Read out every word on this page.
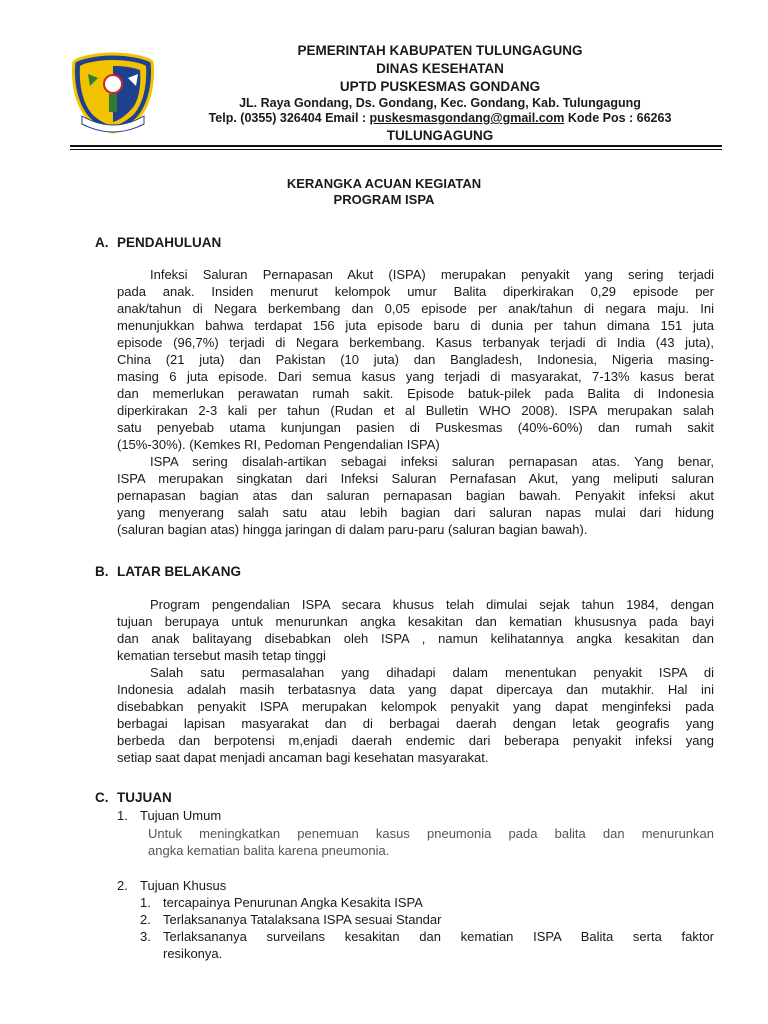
PEMERINTAH KABUPATEN TULUNGAGUNG
DINAS KESEHATAN
UPTD PUSKESMAS GONDANG
JL. Raya Gondang, Ds. Gondang, Kec. Gondang, Kab. Tulungagung
Telp. (0355) 326404 Email : puskesmasgondang@gmail.com Kode Pos : 66263
TULUNGAGUNG
KERANGKA ACUAN KEGIATAN
PROGRAM ISPA
A. PENDAHULUAN
Infeksi Saluran Pernapasan Akut (ISPA) merupakan penyakit yang sering terjadi
pada anak. Insiden menurut kelompok umur Balita diperkirakan 0,29 episode per
anak/tahun di Negara berkembang dan 0,05 episode per anak/tahun di negara maju. Ini
menunjukkan bahwa terdapat 156 juta episode baru di dunia per tahun dimana 151 juta
episode (96,7%) terjadi di Negara berkembang. Kasus terbanyak terjadi di India (43 juta),
China (21 juta) dan Pakistan (10 juta) dan Bangladesh, Indonesia, Nigeria masing-
masing 6 juta episode. Dari semua kasus yang terjadi di masyarakat, 7-13% kasus berat
dan memerlukan perawatan rumah sakit. Episode batuk-pilek pada Balita di Indonesia
diperkirakan 2-3 kali per tahun (Rudan et al Bulletin WHO 2008). ISPA merupakan salah
satu penyebab utama kunjungan pasien di Puskesmas (40%-60%) dan rumah sakit
(15%-30%). (Kemkes RI, Pedoman Pengendalian ISPA)
ISPA sering disalah-artikan sebagai infeksi saluran pernapasan atas. Yang benar,
ISPA merupakan singkatan dari Infeksi Saluran Pernafasan Akut, yang meliputi saluran
pernapasan bagian atas dan saluran pernapasan bagian bawah. Penyakit infeksi akut
yang menyerang salah satu atau lebih bagian dari saluran napas mulai dari hidung
(saluran bagian atas) hingga jaringan di dalam paru-paru (saluran bagian bawah).
B. LATAR BELAKANG
Program pengendalian ISPA secara khusus telah dimulai sejak tahun 1984, dengan
tujuan berupaya untuk menurunkan angka kesakitan dan kematian khususnya pada bayi
dan anak balitayang disebabkan oleh ISPA , namun kelihatannya angka kesakitan dan
kematian tersebut masih tetap tinggi
Salah satu permasalahan yang dihadapi dalam menentukan penyakit ISPA di
Indonesia adalah masih terbatasnya data yang dapat dipercaya dan mutakhir. Hal ini
disebabkan penyakit ISPA merupakan kelompok penyakit yang dapat menginfeksi pada
berbagai lapisan masyarakat dan di berbagai daerah dengan letak geografis yang
berbeda dan berpotensi m,enjadi daerah endemic dari beberapa penyakit infeksi yang
setiap saat dapat menjadi ancaman bagi kesehatan masyarakat.
C. TUJUAN
1. Tujuan Umum
Untuk meningkatkan penemuan kasus pneumonia pada balita dan menurunkan
angka kematian balita karena pneumonia.
2. Tujuan Khusus
1. tercapainya Penurunan Angka Kesakita ISPA
2. Terlaksananya Tatalaksana ISPA sesuai Standar
3. Terlaksananya surveilans kesakitan dan kematian ISPA Balita serta faktor
resikonya.
